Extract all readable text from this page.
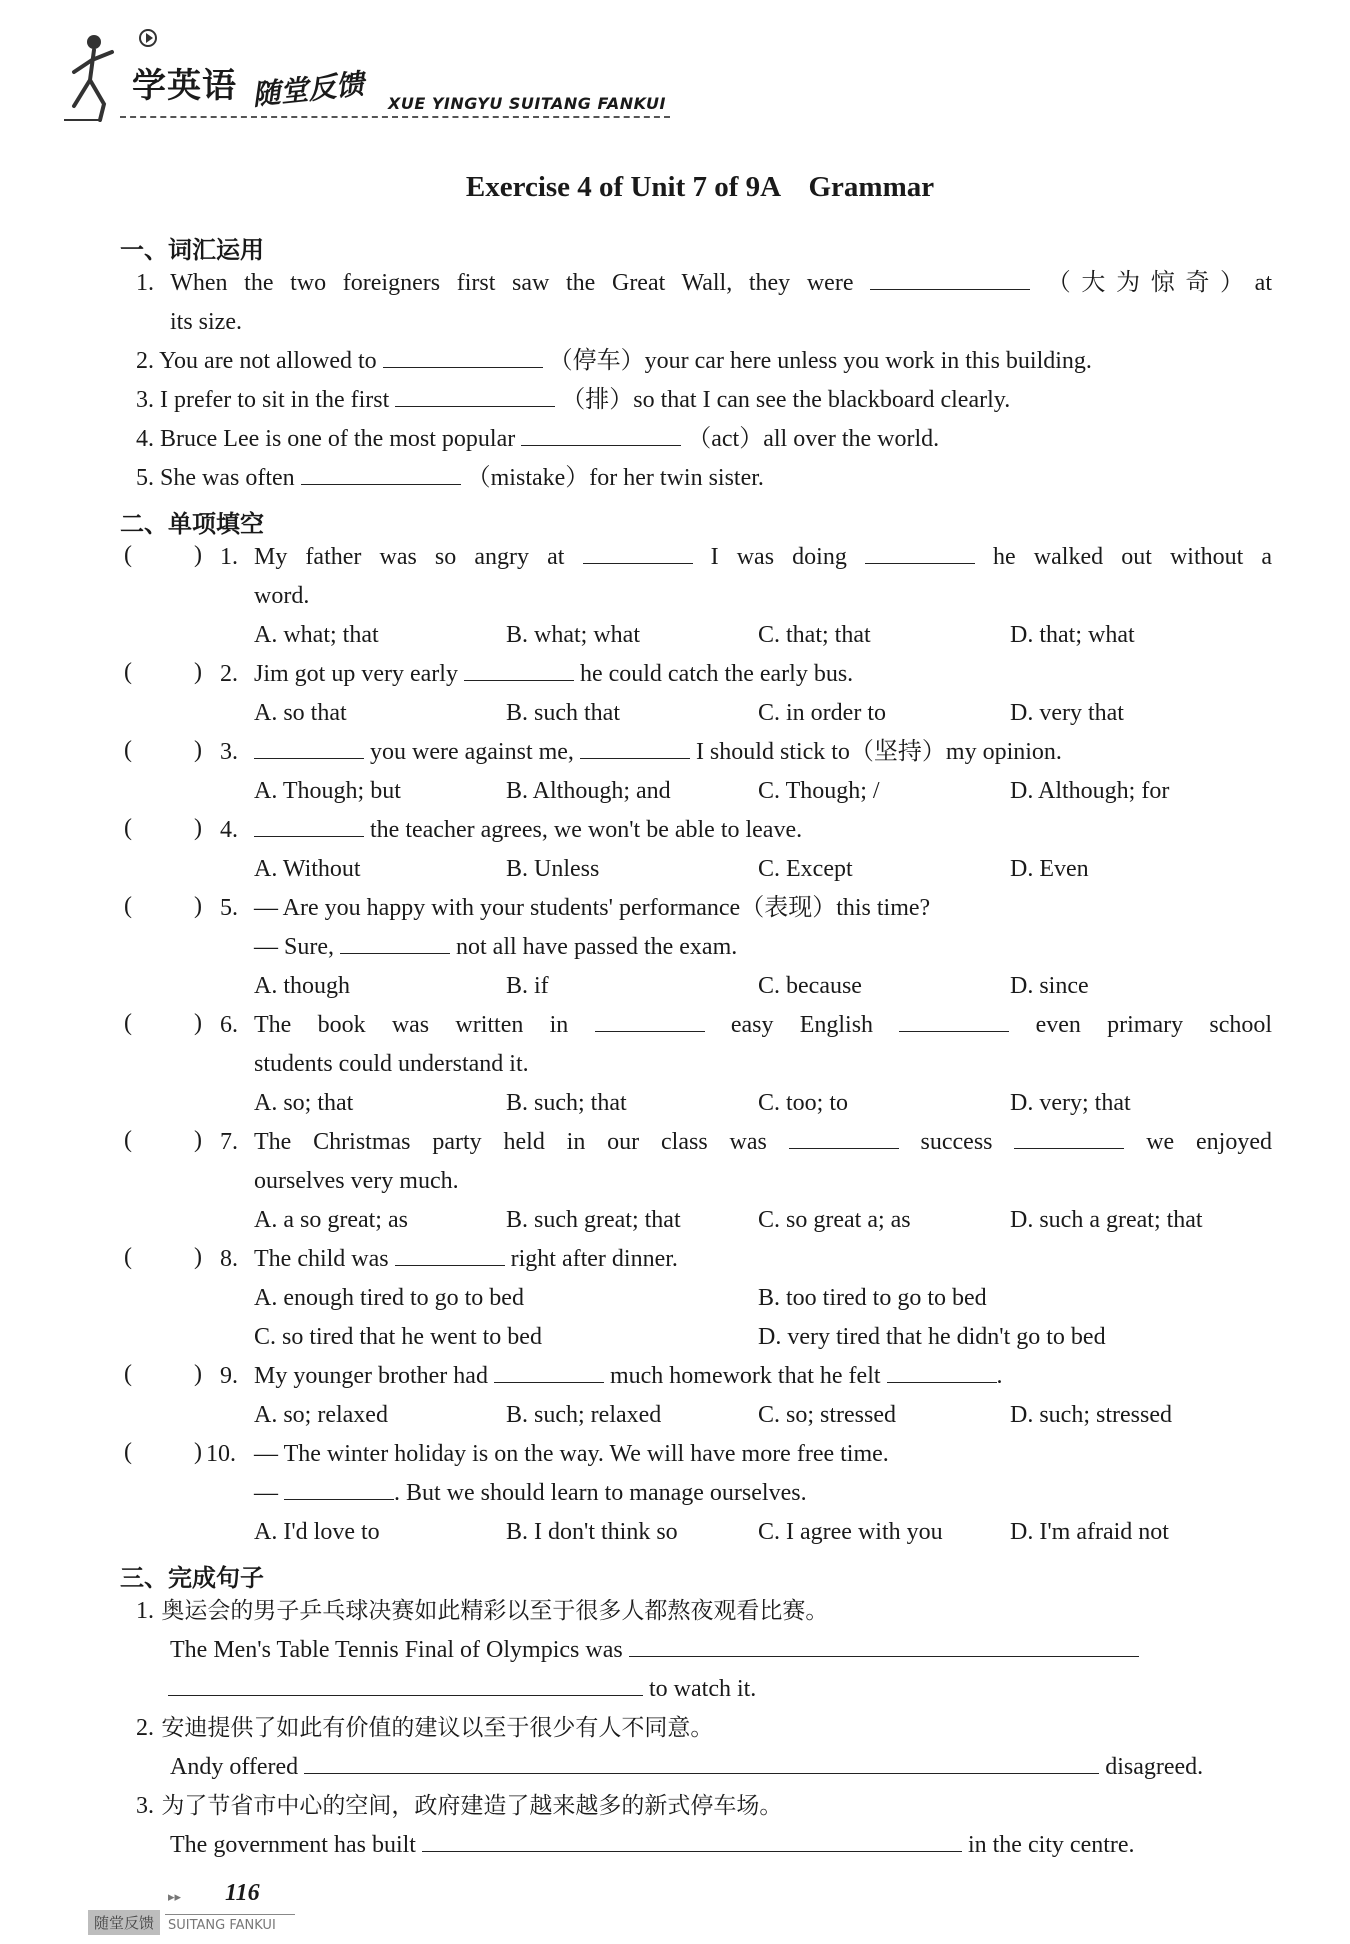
学英语 随堂反馈 XUE YINGYU SUITANG FANKUI
Exercise 4 of Unit 7 of 9A　Grammar
一、词汇运用
1. When the two foreigners first saw the Great Wall, they were	（大为惊奇）at
its size.
2. You are not allowed to	（停车）your car here unless you work in this building.
3. I prefer to sit in the first	（排）so that I can see the blackboard clearly.
4. Bruce Lee is one of the most popular	（act）all over the world.
5. She was often	（mistake）for her twin sister.
二、单项填空
(	) 1. My father was so angry at	I was doing	he walked out without a
word.
A. what; that	B. what; what	C. that; that	D. that; what
(	) 2. Jim got up very early	he could catch the early bus.
A. so that	B. such that	C. in order to	D. very that
(	) 3.	you were against me,	I should stick to（坚持）my opinion.
A. Though; but	B. Although; and	C. Though; /	D. Although; for
(	) 4.	the teacher agrees, we won't be able to leave.
A. Without	B. Unless	C. Except	D. Even
(	) 5. — Are you happy with your students' performance（表现）this time?
— Sure,	not all have passed the exam.
A. though	B. if	C. because	D. since
(	) 6. The book was written in	easy English	even primary school
students could understand it.
A. so; that	B. such; that	C. too; to	D. very; that
(	) 7. The Christmas party held in our class was	success	we enjoyed
ourselves very much.
A. a so great; as	B. such great; that	C. so great a; as	D. such a great; that
(	) 8. The child was	right after dinner.
A. enough tired to go to bed	B. too tired to go to bed
C. so tired that he went to bed	D. very tired that he didn't go to bed
(	) 9. My younger brother had	much homework that he felt	.
A. so; relaxed	B. such; relaxed	C. so; stressed	D. such; stressed
(	) 10. — The winter holiday is on the way. We will have more free time.
—	. But we should learn to manage ourselves.
A. I'd love to	B. I don't think so	C. I agree with you	D. I'm afraid not
三、完成句子
1. 奥运会的男子乒乓球决赛如此精彩以至于很多人都熬夜观看比赛。
The Men's Table Tennis Final of Olympics was
to watch it.
2. 安迪提供了如此有价值的建议以至于很少有人不同意。
Andy offered	disagreed.
3. 为了节省市中心的空间，政府建造了越来越多的新式停车场。
The government has built	in the city centre.
▸▸ 116
随堂反馈	SUITANG FANKUI
